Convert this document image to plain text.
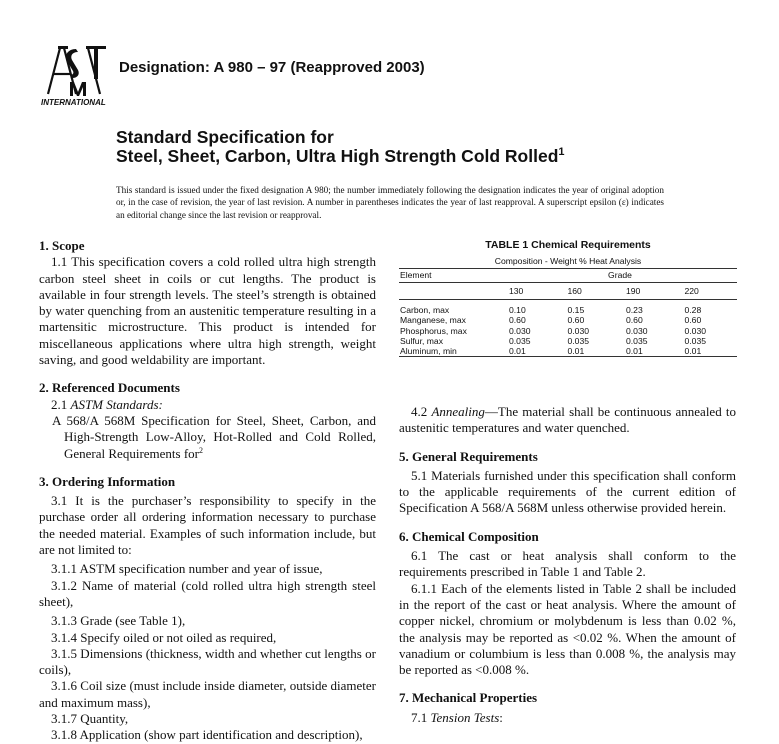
INTERNATIONAL
Designation: A 980 – 97 (Reapproved 2003)
Standard Specification for
Steel, Sheet, Carbon, Ultra High Strength Cold Rolled$^1$
This standard is issued under the fixed designation A 980; the number immediately following the designation indicates the year of original adoption or, in the case of revision, the year of last revision. A number in parentheses indicates the year of last reapproval. A superscript epsilon (ε) indicates an editorial change since the last revision or reapproval.
1. Scope

1.1 This specification covers a cold rolled ultra high strength carbon steel sheet in coils or cut lengths. The product is available in four strength levels. The steel’s strength is obtained by water quenching from an austenitic temperature resulting in a martensitic microstructure. This product is intended for miscellaneous applications where ultra high strength, weight saving, and good weldability are important.

2. Referenced Documents

2.1 ASTM Standards:

A 568/A 568M Specification for Steel, Sheet, Carbon, and High-Strength Low-Alloy, Hot-Rolled and Cold Rolled, General Requirements for$^2$

3. Ordering Information

3.1 It is the purchaser’s responsibility to specify in the purchase order all ordering information necessary to purchase the needed material. Examples of such information include, but are not limited to:

3.1.1 ASTM specification number and year of issue,

3.1.2 Name of material (cold rolled ultra high strength steel sheet),

3.1.3 Grade (see Table 1),

3.1.4 Specify oiled or not oiled as required,

3.1.5 Dimensions (thickness, width and whether cut lengths or coils),

3.1.6 Coil size (must include inside diameter, outside diameter and maximum mass),

3.1.7 Quantity,

3.1.8 Application (show part identification and description),

TABLE 1 Chemical Requirements
Composition - Weight % Heat Analysis				
Element	Grade			
	130	160	190	220
Carbon, max	0.10	0.15	0.23	0.28
Manganese, max	0.60	0.60	0.60	0.60
Phosphorus, max	0.030	0.030	0.030	0.030
Sulfur, max	0.035	0.035	0.035	0.035
Aluminum, min	0.01	0.01	0.01	0.01

4.2 Annealing—The material shall be continuous annealed to austenitic temperatures and water quenched.

5. General Requirements

5.1 Materials furnished under this specification shall conform to the applicable requirements of the current edition of Specification A 568/A 568M unless otherwise provided herein.

6. Chemical Composition

6.1 The cast or heat analysis shall conform to the requirements prescribed in Table 1 and Table 2.

6.1.1 Each of the elements listed in Table 2 shall be included in the report of the cast or heat analysis. Where the amount of copper nickel, chromium or molybdenum is less than 0.02 %, the analysis may be reported as <0.02 %. When the amount of vanadium or columbium is less than 0.008 %, the analysis may be reported as <0.008 %.

7. Mechanical Properties

7.1 Tension Tests:
